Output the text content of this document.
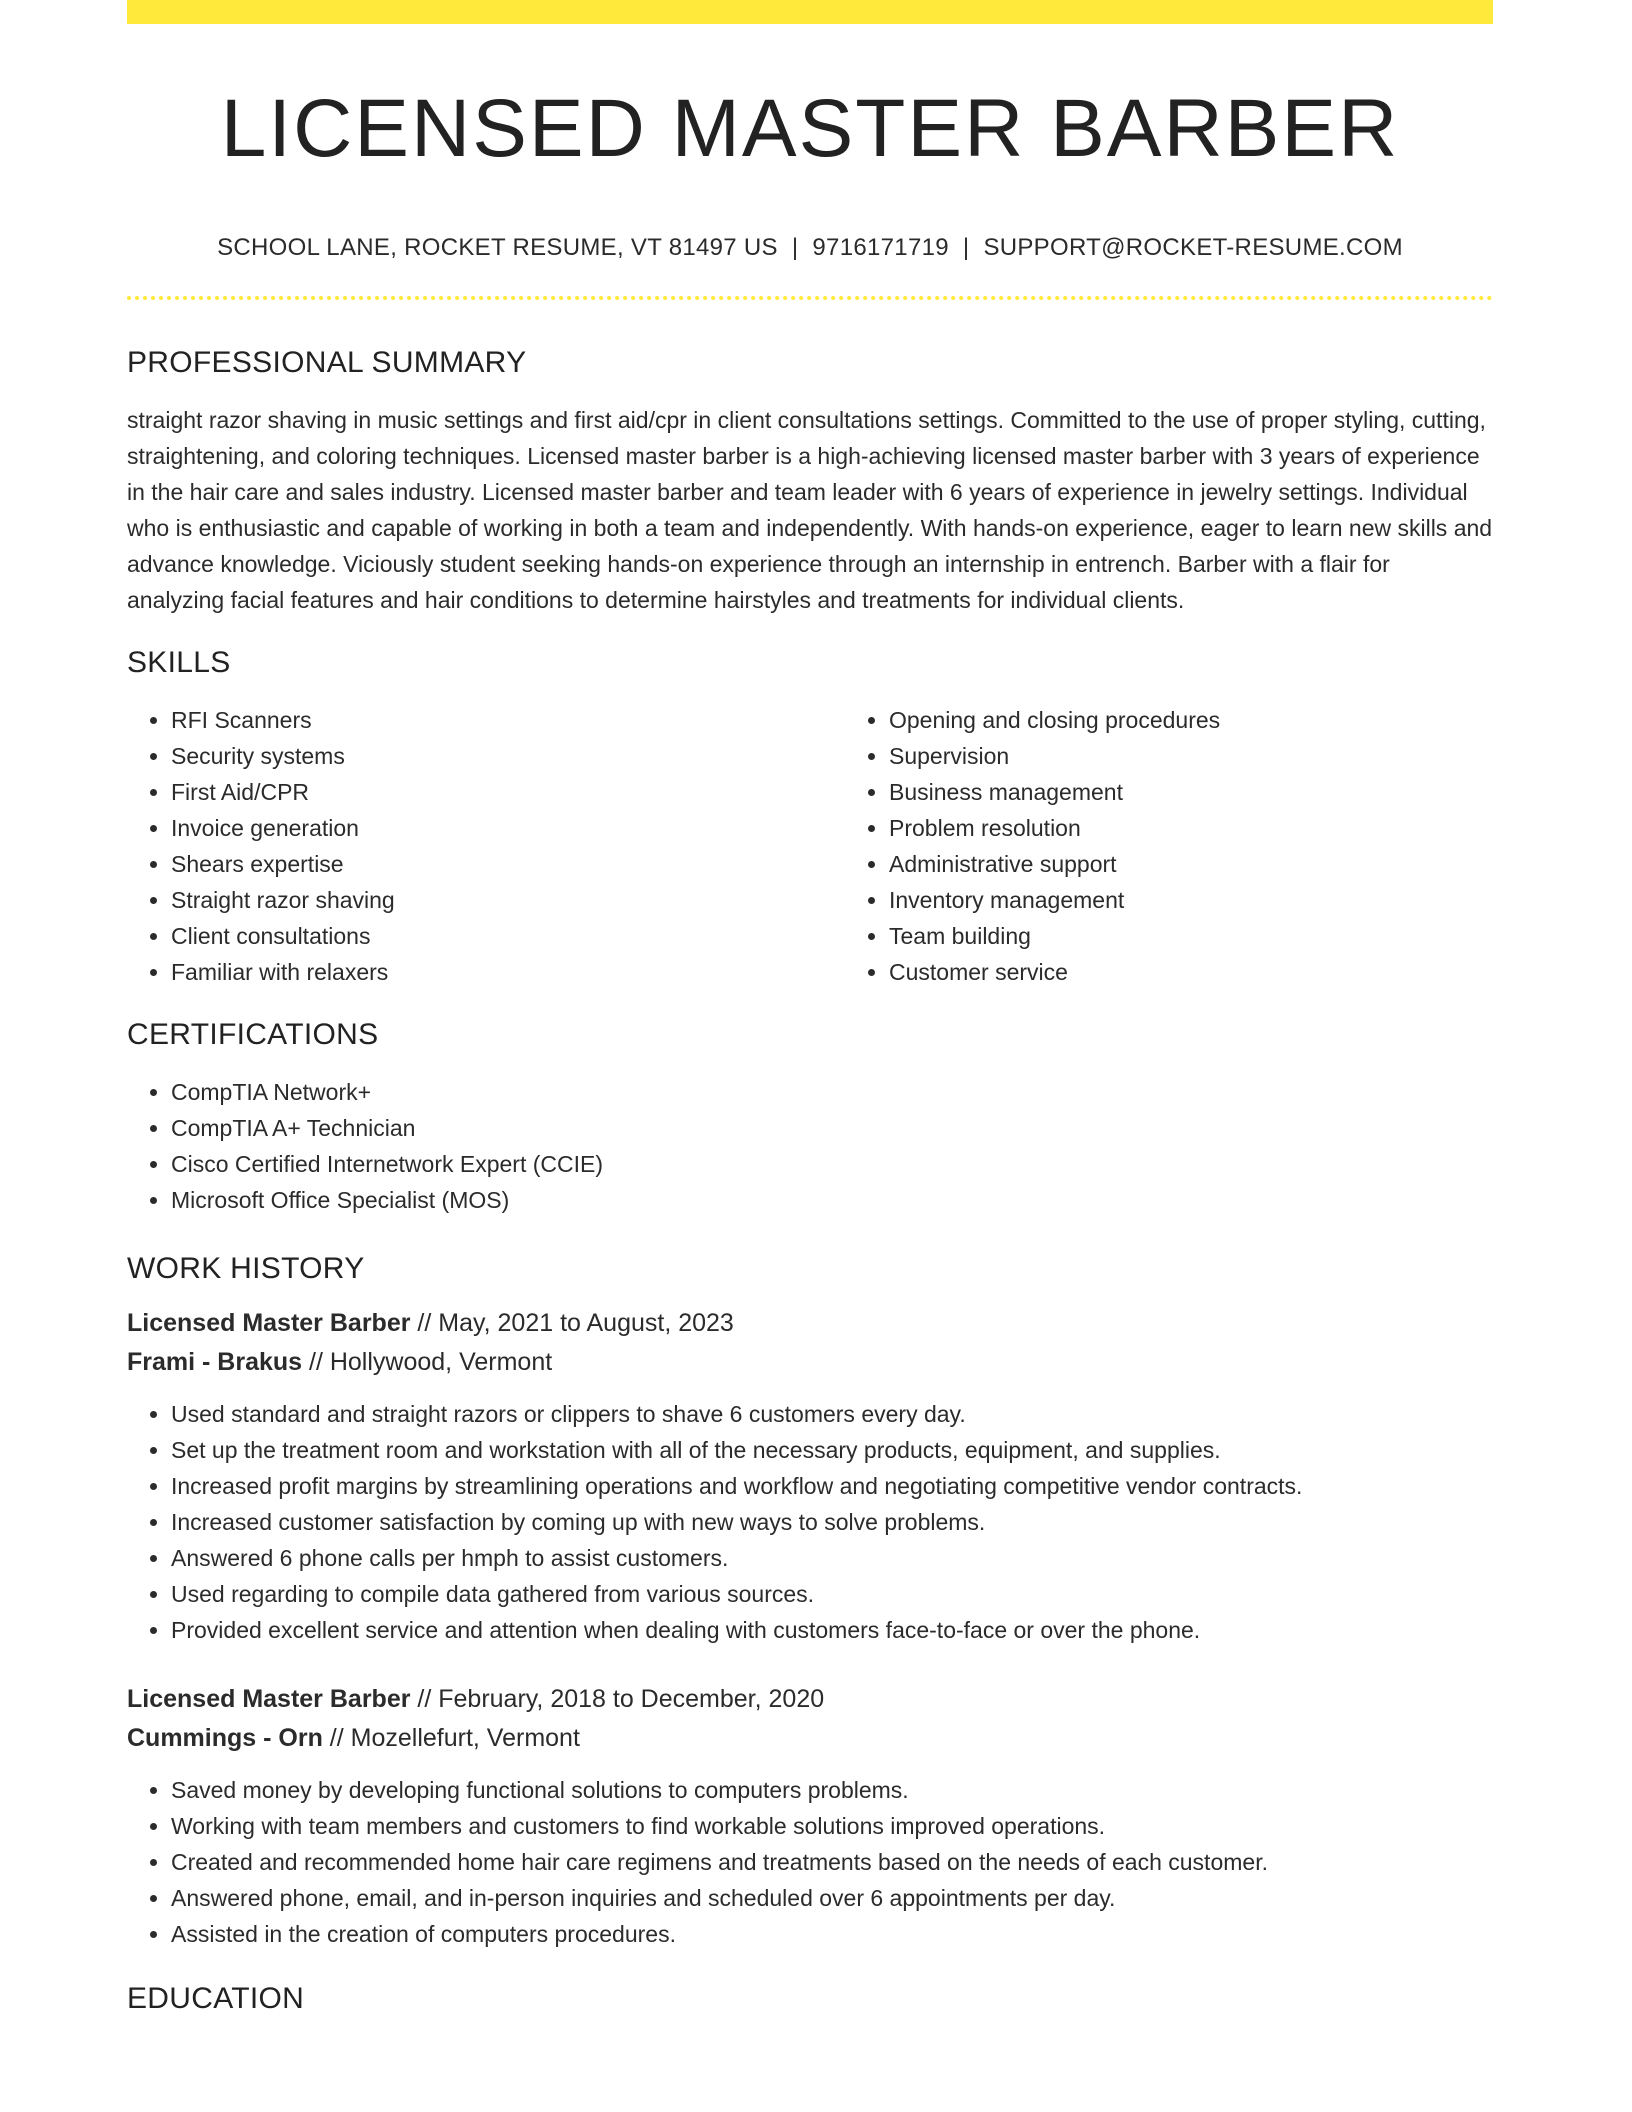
LICENSED MASTER BARBER
SCHOOL LANE, ROCKET RESUME, VT 81497 US | 9716171719 | SUPPORT@ROCKET-RESUME.COM
PROFESSIONAL SUMMARY

straight razor shaving in music settings and first aid/cpr in client consultations settings. Committed to the use of proper styling, cutting, straightening, and coloring techniques. Licensed master barber is a high-achieving licensed master barber with 3 years of experience in the hair care and sales industry. Licensed master barber and team leader with 6 years of experience in jewelry settings. Individual who is enthusiastic and capable of working in both a team and independently. With hands-on experience, eager to learn new skills and advance knowledge. Viciously student seeking hands-on experience through an internship in entrench. Barber with a flair for analyzing facial features and hair conditions to determine hairstyles and treatments for individual clients.

SKILLS
• RFI Scanners
• Security systems
• First Aid/CPR
• Invoice generation
• Shears expertise
• Straight razor shaving
• Client consultations
• Familiar with relaxers
• Opening and closing procedures
• Supervision
• Business management
• Problem resolution
• Administrative support
• Inventory management
• Team building
• Customer service
CERTIFICATIONS
• CompTIA Network+
• CompTIA A+ Technician
• Cisco Certified Internetwork Expert (CCIE)
• Microsoft Office Specialist (MOS)
WORK HISTORY
Licensed Master Barber // May, 2021 to August, 2023
Frami - Brakus // Hollywood, Vermont
• Used standard and straight razors or clippers to shave 6 customers every day.
• Set up the treatment room and workstation with all of the necessary products, equipment, and supplies.
• Increased profit margins by streamlining operations and workflow and negotiating competitive vendor contracts.
• Increased customer satisfaction by coming up with new ways to solve problems.
• Answered 6 phone calls per hmph to assist customers.
• Used regarding to compile data gathered from various sources.
• Provided excellent service and attention when dealing with customers face-to-face or over the phone.
Licensed Master Barber // February, 2018 to December, 2020
Cummings - Orn // Mozellefurt, Vermont
• Saved money by developing functional solutions to computers problems.
• Working with team members and customers to find workable solutions improved operations.
• Created and recommended home hair care regimens and treatments based on the needs of each customer.
• Answered phone, email, and in-person inquiries and scheduled over 6 appointments per day.
• Assisted in the creation of computers procedures.
EDUCATION
